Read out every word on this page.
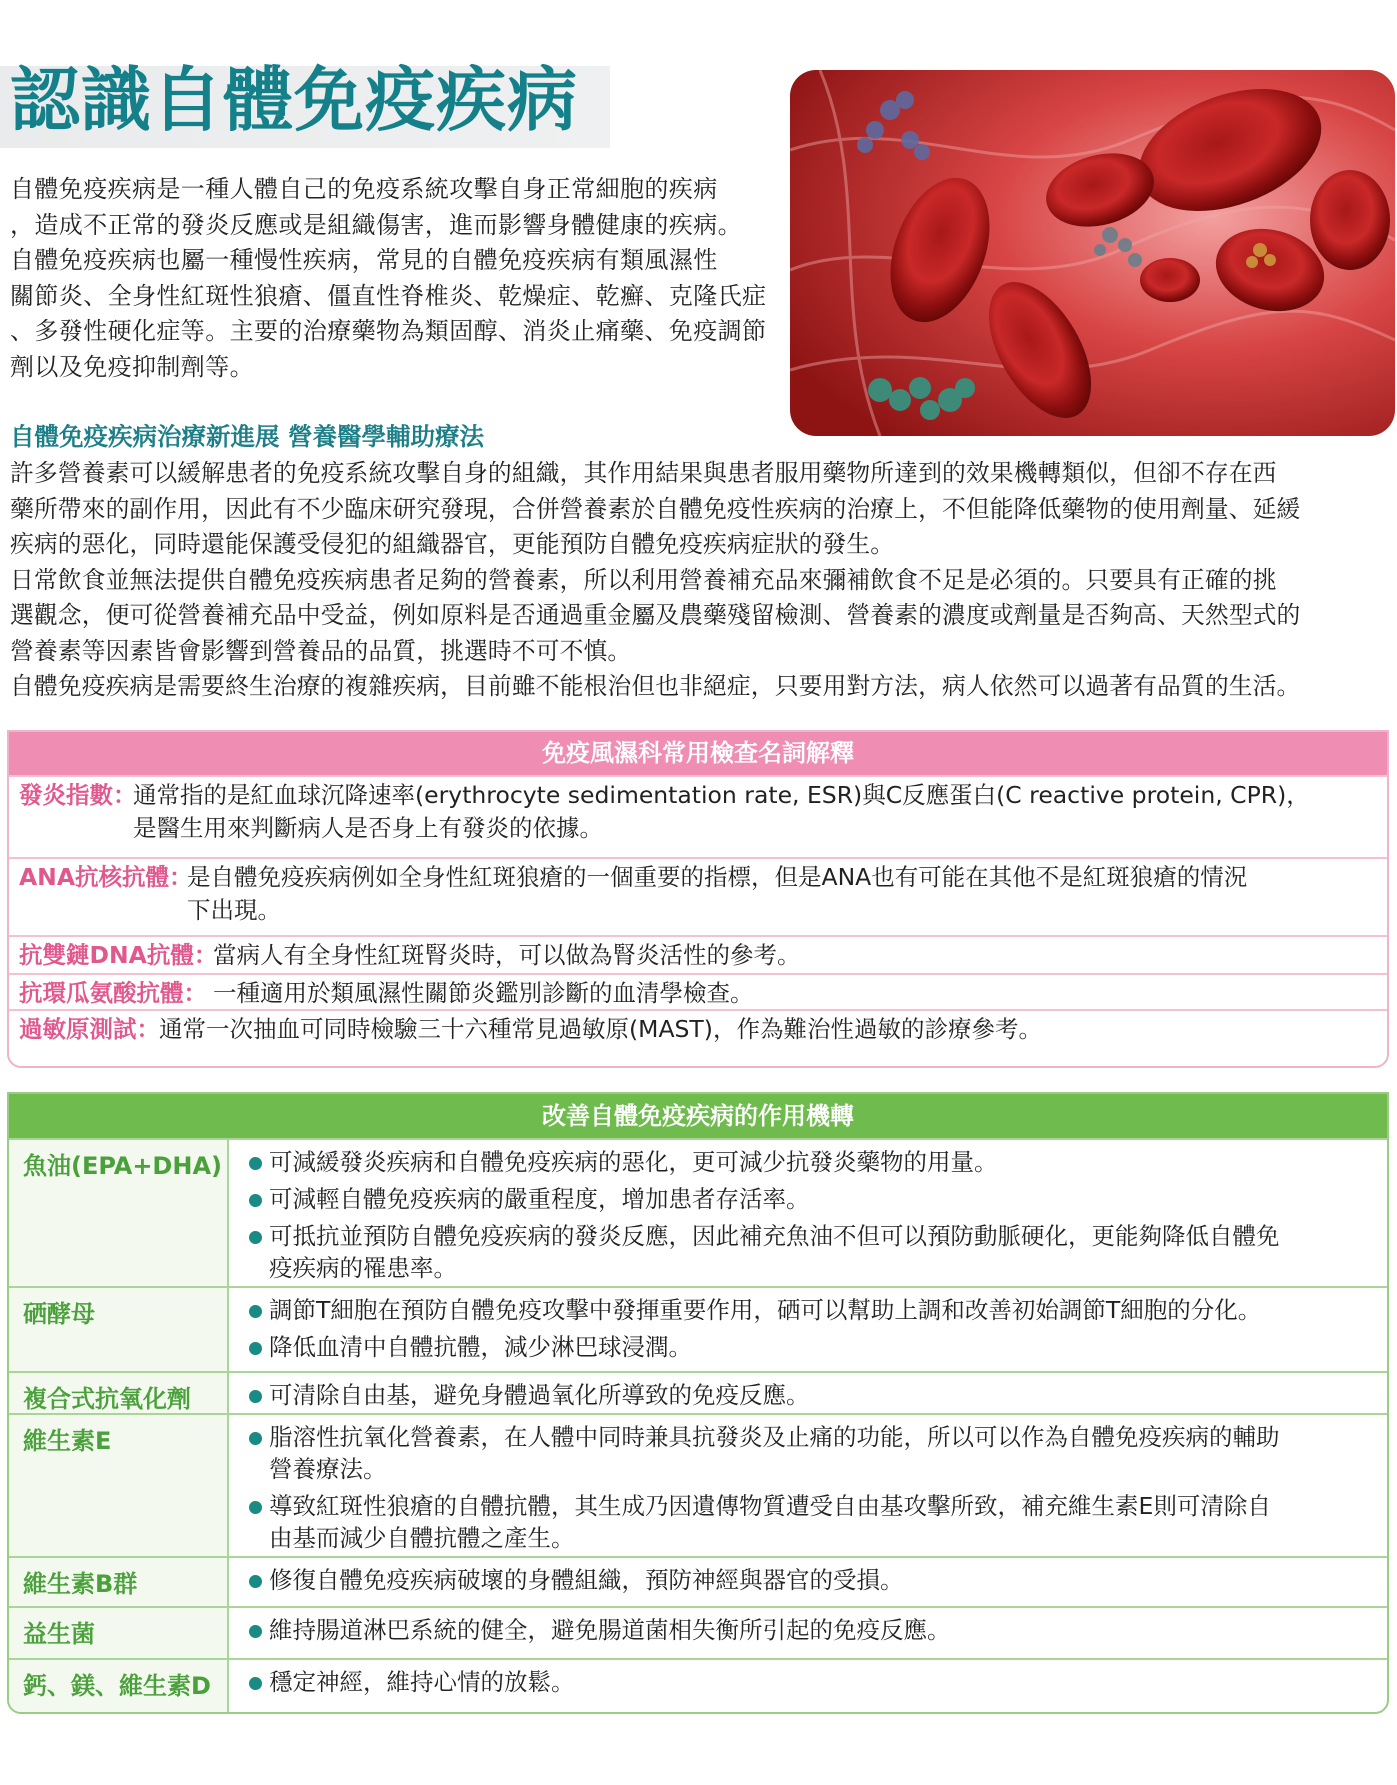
認識自體免疫疾病

自體免疫疾病是一種人體自己的免疫系統攻擊自身正常細胞的疾病
，造成不正常的發炎反應或是組織傷害，進而影響身體健康的疾病。
自體免疫疾病也屬一種慢性疾病，常見的自體免疫疾病有類風濕性
關節炎、全身性紅斑性狼瘡、僵直性脊椎炎、乾燥症、乾癬、克隆氏症
、多發性硬化症等。主要的治療藥物為類固醇、消炎止痛藥、免疫調節
劑以及免疫抑制劑等。

自體免疫疾病治療新進展 營養醫學輔助療法

許多營養素可以緩解患者的免疫系統攻擊自身的組織，其作用結果與患者服用藥物所達到的效果機轉類似，但卻不存在西
藥所帶來的副作用，因此有不少臨床研究發現，合併營養素於自體免疫性疾病的治療上，不但能降低藥物的使用劑量、延緩
疾病的惡化，同時還能保護受侵犯的組織器官，更能預防自體免疫疾病症狀的發生。
日常飲食並無法提供自體免疫疾病患者足夠的營養素，所以利用營養補充品來彌補飲食不足是必須的。只要具有正確的挑
選觀念，便可從營養補充品中受益，例如原料是否通過重金屬及農藥殘留檢測、營養素的濃度或劑量是否夠高、天然型式的
營養素等因素皆會影響到營養品的品質，挑選時不可不慎。
自體免疫疾病是需要終生治療的複雜疾病，目前雖不能根治但也非絕症，只要用對方法，病人依然可以過著有品質的生活。

免疫風濕科常用檢查名詞解釋
發炎指數：
通常指的是紅血球沉降速率(erythrocyte sedimentation rate, ESR)與C反應蛋白(C reactive protein, CPR)，
是醫生用來判斷病人是否身上有發炎的依據。
ANA抗核抗體：
是自體免疫疾病例如全身性紅斑狼瘡的一個重要的指標，但是ANA也有可能在其他不是紅斑狼瘡的情況
下出現。
抗雙鏈DNA抗體：
當病人有全身性紅斑腎炎時，可以做為腎炎活性的參考。
抗環瓜氨酸抗體： 一種適用於類風濕性關節炎鑑別診斷的血清學檢查。
過敏原測試： 通常一次抽血可同時檢驗三十六種常見過敏原(MAST)，作為難治性過敏的診療參考。
改善自體免疫疾病的作用機轉
魚油(EPA+DHA)	可減緩發炎疾病和自體免疫疾病的惡化，更可減少抗發炎藥物的用量。
可減輕自體免疫疾病的嚴重程度，增加患者存活率。
可抵抗並預防自體免疫疾病的發炎反應，因此補充魚油不但可以預防動脈硬化，更能夠降低自體免
疫疾病的罹患率。
硒酵母	調節T細胞在預防自體免疫攻擊中發揮重要作用，硒可以幫助上調和改善初始調節T細胞的分化。
降低血清中自體抗體，減少淋巴球浸潤。
複合式抗氧化劑	可清除自由基，避免身體過氧化所導致的免疫反應。
維生素E	脂溶性抗氧化營養素，在人體中同時兼具抗發炎及止痛的功能，所以可以作為自體免疫疾病的輔助
營養療法。
導致紅斑性狼瘡的自體抗體，其生成乃因遺傳物質遭受自由基攻擊所致，補充維生素E則可清除自
由基而減少自體抗體之產生。
維生素B群	修復自體免疫疾病破壞的身體組織，預防神經與器官的受損。
益生菌	維持腸道淋巴系統的健全，避免腸道菌相失衡所引起的免疫反應。
鈣、鎂、維生素D	穩定神經，維持心情的放鬆。
